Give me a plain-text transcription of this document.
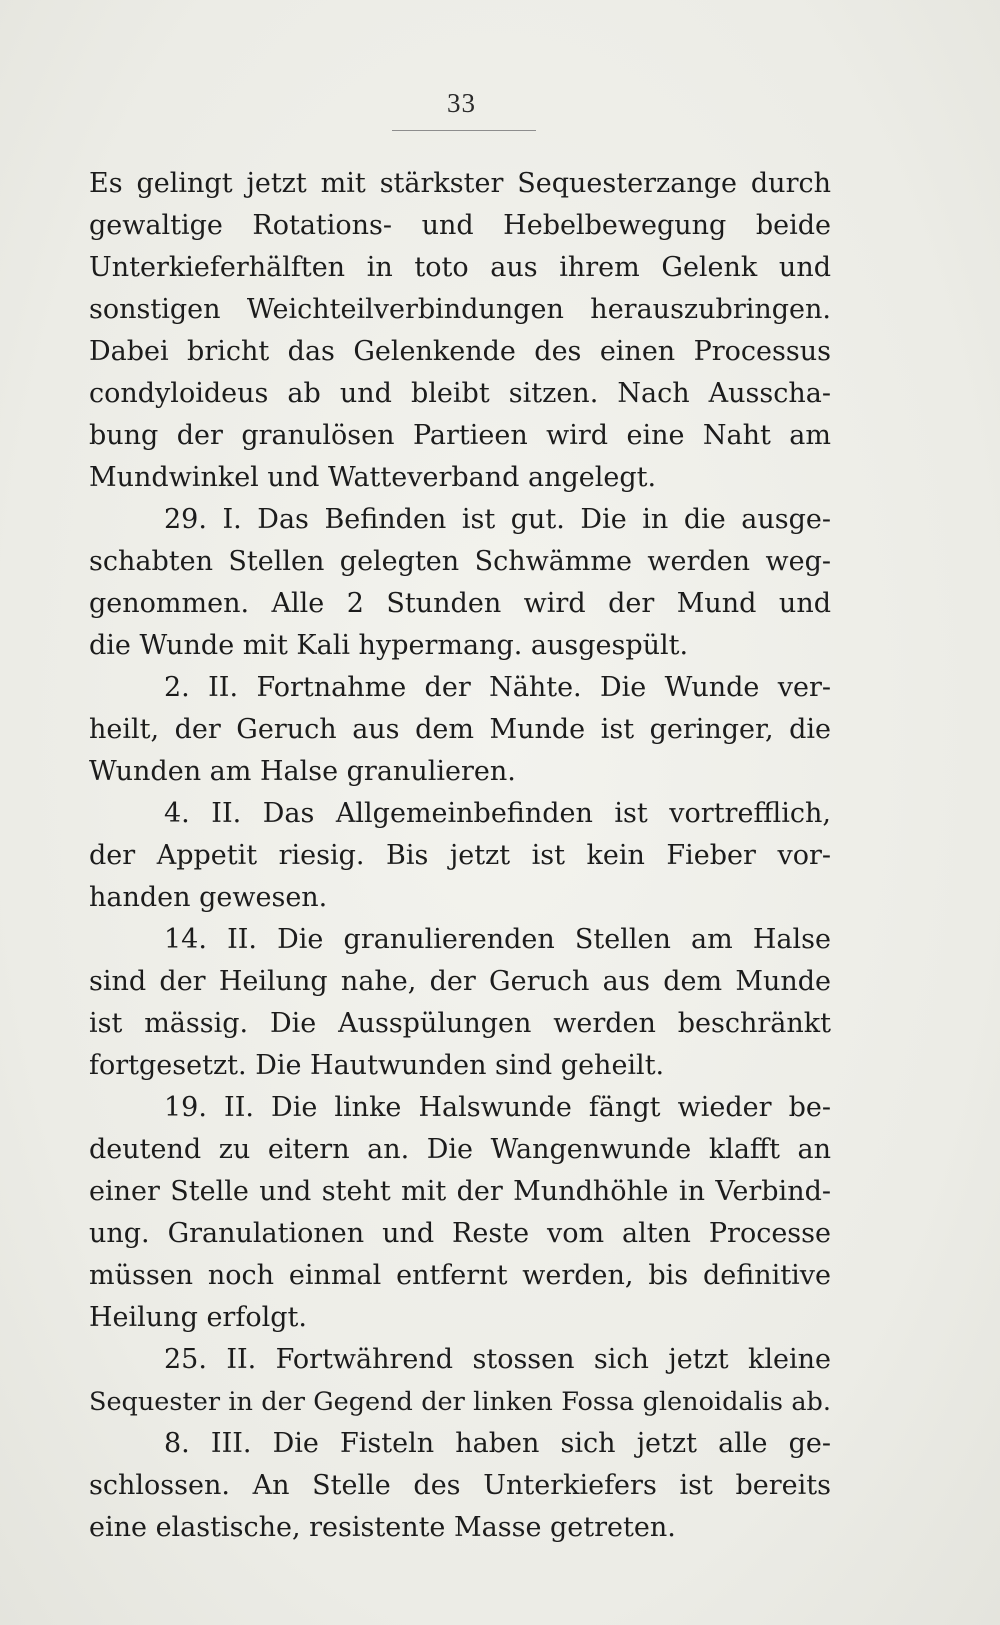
33
Es gelingt jetzt mit stärkster Sequesterzange durch
gewaltige Rotations- und Hebelbewegung beide
Unterkieferhälften in toto aus ihrem Gelenk und
sonstigen Weichteilverbindungen herauszubringen.
Dabei bricht das Gelenkende des einen Processus
condyloideus ab und bleibt sitzen. Nach Ausscha-
bung der granulösen Partieen wird eine Naht am
Mundwinkel und Watteverband angelegt.
29. I. Das Befinden ist gut. Die in die ausge-
schabten Stellen gelegten Schwämme werden weg-
genommen. Alle 2 Stunden wird der Mund und
die Wunde mit Kali hypermang. ausgespült.
2. II. Fortnahme der Nähte. Die Wunde ver-
heilt, der Geruch aus dem Munde ist geringer, die
Wunden am Halse granulieren.
4. II. Das Allgemeinbefinden ist vortrefflich,
der Appetit riesig. Bis jetzt ist kein Fieber vor-
handen gewesen.
14. II. Die granulierenden Stellen am Halse
sind der Heilung nahe, der Geruch aus dem Munde
ist mässig. Die Ausspülungen werden beschränkt
fortgesetzt. Die Hautwunden sind geheilt.
19. II. Die linke Halswunde fängt wieder be-
deutend zu eitern an. Die Wangenwunde klafft an
einer Stelle und steht mit der Mundhöhle in Verbind-
ung. Granulationen und Reste vom alten Processe
müssen noch einmal entfernt werden, bis definitive
Heilung erfolgt.
25. II. Fortwährend stossen sich jetzt kleine
Sequester in der Gegend der linken Fossa glenoidalis ab.
8. III. Die Fisteln haben sich jetzt alle ge-
schlossen. An Stelle des Unterkiefers ist bereits
eine elastische, resistente Masse getreten.
